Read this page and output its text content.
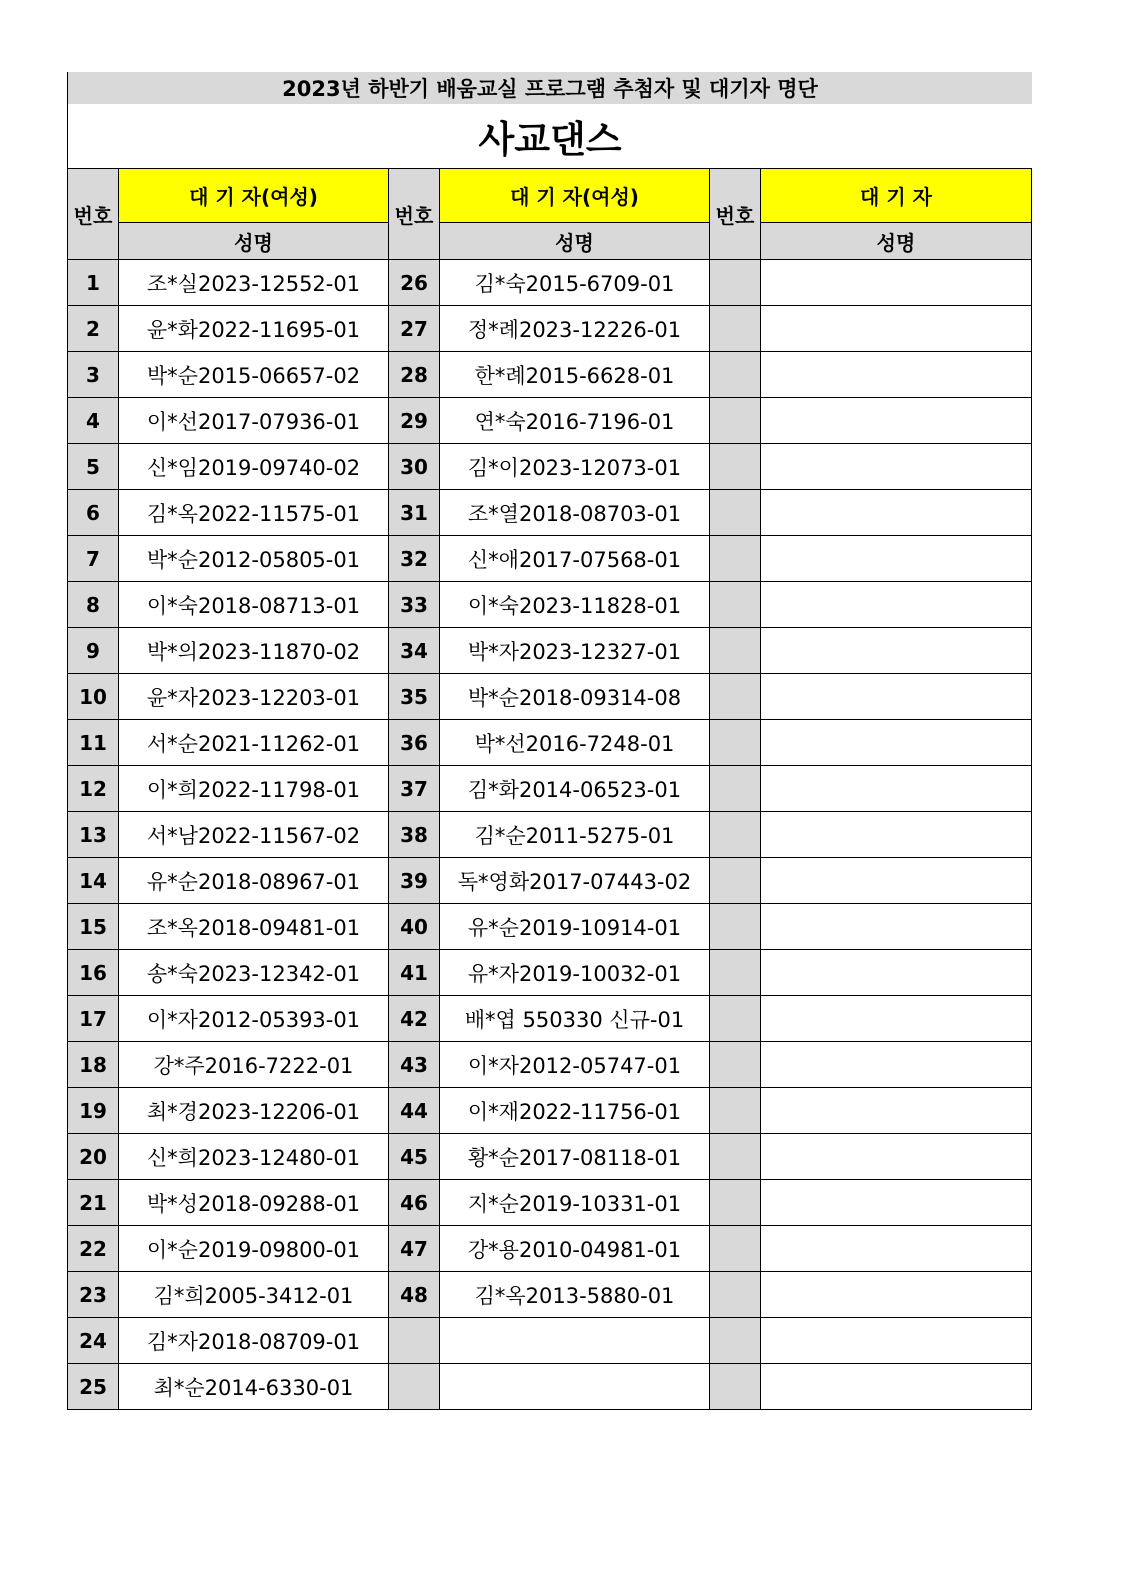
2023년 하반기 배움교실 프로그램 추첨자 및 대기자 명단
사교댄스
번호	대 기 자(여성)	번호	대 기 자(여성)	번호	대 기 자
	성명		성명		성명
1	조*실2023-12552-01	26	김*숙2015-6709-01		
2	윤*화2022-11695-01	27	정*례2023-12226-01		
3	박*순2015-06657-02	28	한*례2015-6628-01		
4	이*선2017-07936-01	29	연*숙2016-7196-01		
5	신*임2019-09740-02	30	김*이2023-12073-01		
6	김*옥2022-11575-01	31	조*열2018-08703-01		
7	박*순2012-05805-01	32	신*애2017-07568-01		
8	이*숙2018-08713-01	33	이*숙2023-11828-01		
9	박*의2023-11870-02	34	박*자2023-12327-01		
10	윤*자2023-12203-01	35	박*순2018-09314-08		
11	서*순2021-11262-01	36	박*선2016-7248-01		
12	이*희2022-11798-01	37	김*화2014-06523-01		
13	서*남2022-11567-02	38	김*순2011-5275-01		
14	유*순2018-08967-01	39	독*영화2017-07443-02		
15	조*옥2018-09481-01	40	유*순2019-10914-01		
16	송*숙2023-12342-01	41	유*자2019-10032-01		
17	이*자2012-05393-01	42	배*엽 550330 신규-01		
18	강*주2016-7222-01	43	이*자2012-05747-01		
19	최*경2023-12206-01	44	이*재2022-11756-01		
20	신*희2023-12480-01	45	황*순2017-08118-01		
21	박*성2018-09288-01	46	지*순2019-10331-01		
22	이*순2019-09800-01	47	강*용2010-04981-01		
23	김*희2005-3412-01	48	김*옥2013-5880-01		
24	김*자2018-08709-01				
25	최*순2014-6330-01				
